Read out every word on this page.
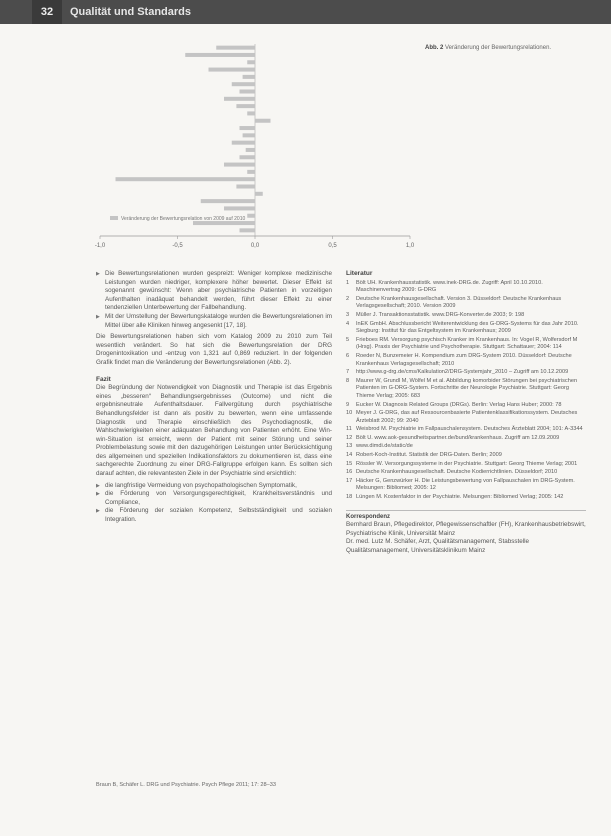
32	Qualität und Standards
-1,0	-0,5	0,0	0,5	1,0
Veränderung der Bewertungsrelation von 2009 auf 2010
Abb. 2 Veränderung der Bewertungsrelationen.
▶ Die Bewertungsrelationen wurden gespreizt: Weniger komplexe medizinische Leistungen wurden niedriger, komplexere höher bewertet. Dieser Effekt ist sogenannt gewünscht: Wenn aber psychiatrische Patienten in vorzeitigen Aufenthalten inadäquat behandelt werden, führt dieser Effekt zu einer tendenziellen Unterbewertung der Fallbehandlung.
▶ Mit der Umstellung der Bewertungskataloge wurden die Bewertungsrelationen im Mittel über alle Kliniken hinweg angesenkt [17, 18].

Die Bewertungsrelationen haben sich vom Katalog 2009 zu 2010 zum Teil wesentlich verändert. So hat sich die Bewertungsrelation der DRG Drogenintoxikation und -entzug von 1,321 auf 0,869 reduziert. In der folgenden Grafik findet man die Veränderung der Bewertungsrelationen (Abb. 2).

Fazit

Die Begründung der Notwendigkeit von Diagnostik und Therapie ist das Ergebnis eines „besseren“ Behandlungsergebnisses (Outcome) und nicht die ergebnisneutrale Aufenthaltsdauer. Fallvergütung durch psychiatrische Behandlungsfelder ist dann als positiv zu bewerten, wenn eine umfassende Diagnostik und Therapie einschließlich des Psychodiagnostik, die Wahlschwierigkeiten einer adäquaten Behandlung von Patienten erhöht. Eine Win-win-Situation ist erreicht, wenn der Patient mit seiner Störung und seiner Problembelastung sowie mit den dazugehörigen Leistungen unter Berücksichtigung des allgemeinen und speziellen Indikationsfaktors zu dokumentieren ist, dass eine sachgerechte Zuordnung zu einer DRG-Fallgruppe erfolgen kann. Es sollten sich darauf achten, die relevantesten Ziele in der Psychiatrie sind ersichtlich:

▶ die langfristige Vermeidung von psychopathologischen Symptomatik,
▶ die Förderung von Versorgungsgerechtigkeit, Krankheitsverständnis und Compliance,
▶ die Förderung der sozialen Kompetenz, Selbstständigkeit und sozialen Integration.
Literatur
1	Bölt UH. Krankenhausstatistik. www.inek-DRG.de. Zugriff: April 10.10.2010. Maschinenvertrag 2009: G-DRG
2	Deutsche Krankenhausgesellschaft. Version 3. Düsseldorf: Deutsche Krankenhaus Verlagsgesellschaft; 2010. Version 2009
3	Müller J. Transaktionsstatistik. www.DRG-Konverter.de 2003; 9: 198
4	InEK GmbH. Abschlussbericht Weiterentwicklung des G-DRG-Systems für das Jahr 2010. Siegburg: Institut für das Entgeltsystem im Krankenhaus; 2009
5	Frieboes RM. Versorgung psychisch Kranker im Krankenhaus. In: Vogel R, Wolfersdorf M (Hrsg). Praxis der Psychiatrie und Psychotherapie. Stuttgart: Schattauer; 2004: 114
6	Roeder N, Bunzemeier H. Kompendium zum DRG-System 2010. Düsseldorf: Deutsche Krankenhaus Verlagsgesellschaft; 2010
7	http://www.g-drg.de/cms/Kalkulation2/DRG-Systemjahr_2010 – Zugriff am 10.12.2009
8	Maurer W, Grundl M, Wölfel M et al. Abbildung komorbider Störungen bei psychiatrischen Patienten im G-DRG-System. Fortschritte der Neurologie Psychiatrie. Stuttgart: Georg Thieme Verlag; 2005: 683
9	Eucker W. Diagnosis Related Groups (DRGs). Berlin: Verlag Hans Huber; 2000: 78
10 Meyer J. G-DRG, das auf Ressourcenbasierte Patientenklassifikationssystem. Deutsches Ärzteblatt 2002; 99: 2040
11 Weisbrod M. Psychiatrie im Fallpauschalensystem. Deutsches Ärzteblatt 2004; 101: A-3344
12 Bölt U. www.aok-gesundheitspartner.de/bund/krankenhaus. Zugriff am 12.09.2009
13 www.dimdi.de/static/de
14 Robert-Koch-Institut. Statistik der DRG-Daten. Berlin; 2009
15 Rössler W. Versorgungssysteme in der Psychiatrie. Stuttgart: Georg Thieme Verlag; 2001
16 Deutsche Krankenhausgesellschaft. Deutsche Kodierrichtlinien. Düsseldorf; 2010
17 Häcker G, Genzwürker H. Die Leistungsbewertung von Fallpauschalen im DRG-System. Melsungen: Bibliomed; 2005: 12
18 Lüngen M. Kostenfaktor in der Psychiatrie. Melsungen: Bibliomed Verlag; 2005: 142
Korrespondenz
Bernhard Braun, Pflegedirektor, Pflegewissenschaftler (FH), Krankenhausbetriebswirt, Psychiatrische Klinik, Universität Mainz
Dr. med. Lutz M. Schäfer, Arzt, Qualitätsmanagement, Stabsstelle Qualitätsmanagement, Universitätsklinikum Mainz
Braun B, Schäfer L. DRG und Psychiatrie. Psych Pflege 2011; 17: 28–33
